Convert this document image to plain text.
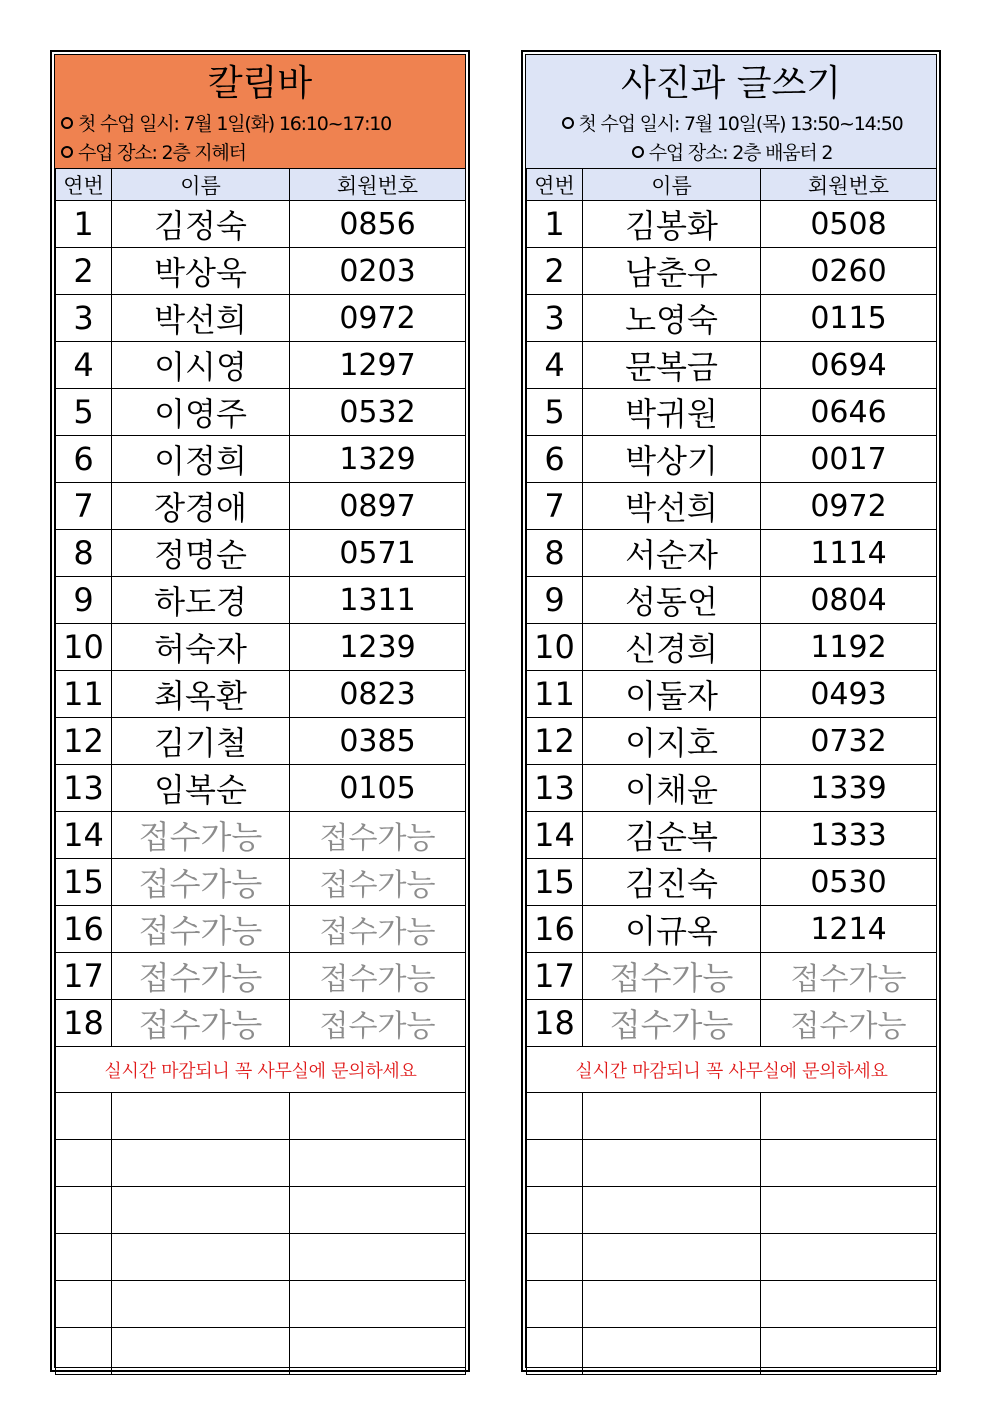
칼림바
첫 수업 일시: 7월 1일(화) 16:10~17:10
수업 장소: 2층 지혜터
연번	이름	회원번호
1	김정숙	0856
2	박상욱	0203
3	박선희	0972
4	이시영	1297
5	이영주	0532
6	이정희	1329
7	장경애	0897
8	정명순	0571
9	하도경	1311
10	허숙자	1239
11	최옥환	0823
12	김기철	0385
13	임복순	0105
14	접수가능	접수가능
15	접수가능	접수가능
16	접수가능	접수가능
17	접수가능	접수가능
18	접수가능	접수가능
실시간 마감되니 꼭 사무실에 문의하세요		

사진과 글쓰기
첫 수업 일시: 7월 10일(목) 13:50~14:50
수업 장소: 2층 배움터 2
연번	이름	회원번호
1	김봉화	0508
2	남춘우	0260
3	노영숙	0115
4	문복금	0694
5	박귀원	0646
6	박상기	0017
7	박선희	0972
8	서순자	1114
9	성동언	0804
10	신경희	1192
11	이둘자	0493
12	이지호	0732
13	이채윤	1339
14	김순복	1333
15	김진숙	0530
16	이규옥	1214
17	접수가능	접수가능
18	접수가능	접수가능
실시간 마감되니 꼭 사무실에 문의하세요		
